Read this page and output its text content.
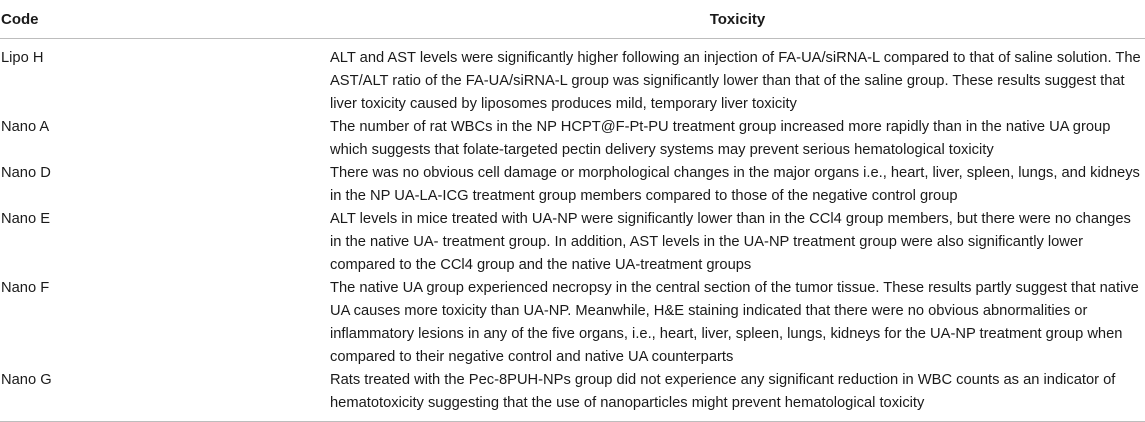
Code	Toxicity
Lipo H	ALT and AST levels were significantly higher following an injection of FA-UA/siRNA-L compared to that of saline solution. The
AST/ALT ratio of the FA-UA/siRNA-L group was significantly lower than that of the saline group. These results suggest that
liver toxicity caused by liposomes produces mild, temporary liver toxicity

Nano A	The number of rat WBCs in the NP HCPT@F-Pt-PU treatment group increased more rapidly than in the native UA group
which suggests that folate-targeted pectin delivery systems may prevent serious hematological toxicity

Nano D	There was no obvious cell damage or morphological changes in the major organs i.e., heart, liver, spleen, lungs, and kidneys
in the NP UA-LA-ICG treatment group members compared to those of the negative control group

Nano E	ALT levels in mice treated with UA-NP were significantly lower than in the CCl4 group members, but there were no changes
in the native UA- treatment group. In addition, AST levels in the UA-NP treatment group were also significantly lower
compared to the CCl4 group and the native UA-treatment groups

Nano F	The native UA group experienced necropsy in the central section of the tumor tissue. These results partly suggest that native
UA causes more toxicity than UA-NP. Meanwhile, H&E staining indicated that there were no obvious abnormalities or
inflammatory lesions in any of the five organs, i.e., heart, liver, spleen, lungs, kidneys for the UA-NP treatment group when
compared to their negative control and native UA counterparts

Nano G	Rats treated with the Pec-8PUH-NPs group did not experience any significant reduction in WBC counts as an indicator of
hematotoxicity suggesting that the use of nanoparticles might prevent hematological toxicity
